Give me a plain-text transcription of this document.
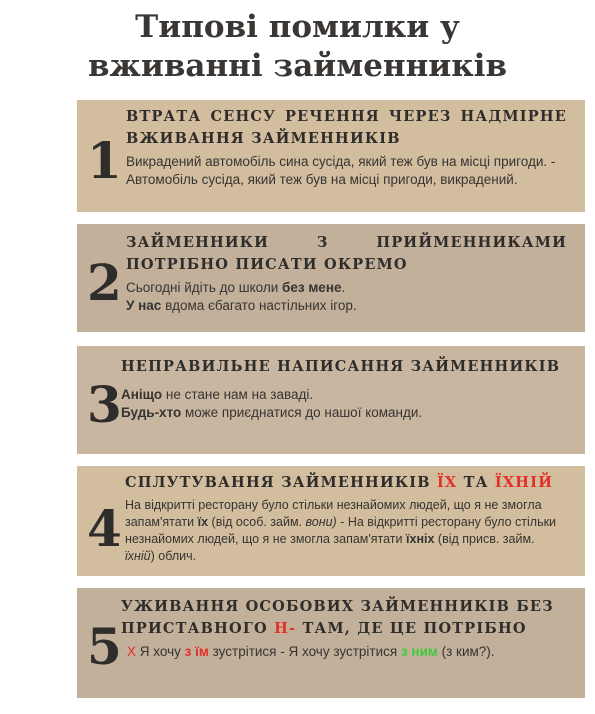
Типові помилки у
вживанні займенників
1
ВТРАТА СЕНСУ РЕЧЕННЯ ЧЕРЕЗ НАДМІРНЕ ВЖИВАННЯ ЗАЙМЕННИКІВ
Викрадений автомобіль сина сусіда, який теж був на місці пригоди. - Автомобіль сусіда, який теж був на місці пригоди, викрадений.
2
ЗАЙМЕННИКИ	З	ПРИЙМЕННИКАМИ
ПОТРІБНО ПИСАТИ ОКРЕМО
Сьогодні йдіть до школи без мене.
У нас вдома єбагато настільних ігор.
3
НЕПРАВИЛЬНЕ НАПИСАННЯ ЗАЙМЕННИКІВ
Аніщо не стане нам на заваді.
Будь-хто може приєднатися до нашої команди.
4
СПЛУТУВАННЯ ЗАЙМЕННИКІВ ЇХ ТА ЇХНІЙ
На відкритті ресторану було стільки незнайомих людей, що я не змогла запам'ятати їх (від особ. займ. вони) - На відкритті ресторану було стільки незнайомих людей, що я не змогла запам'ятати їхніх (від присв. займ. їхній) облич.
5
УЖИВАННЯ ОСОБОВИХ ЗАЙМЕННИКІВ БЕЗ
ПРИСТАВНОГО Н- ТАМ, ДЕ ЦЕ ПОТРІБНО
X Я хочу з їм зустрітися - Я хочу зустрітися з ним (з ким?).
